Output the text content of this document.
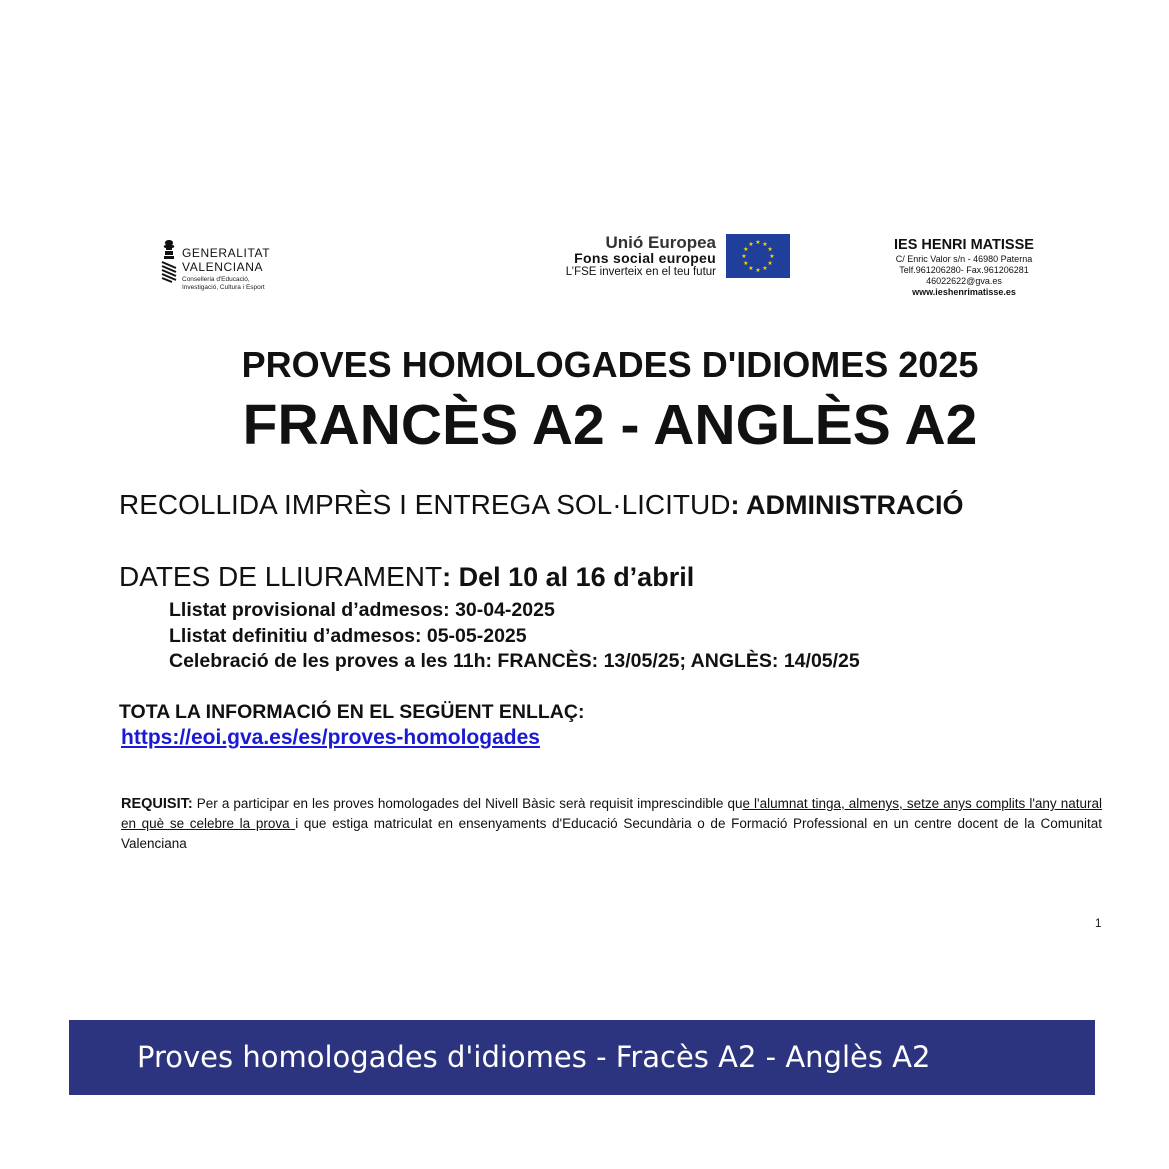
GENERALITAT
VALENCIANA
Conselleria d'Educació,
Investigació, Cultura i Esport
Unió Europea
Fons social europeu
L’FSE inverteix en el teu futur
★ ★
★
★
★
★
★
★
★
★
★
★	IES HENRI MATISSE
C/ Enric Valor s/n - 46980 Paterna
Telf.961206280- Fax.961206281
46022622@gva.es
www.ieshenrimatisse.es
PROVES HOMOLOGADES D'IDIOMES 2025
FRANCÈS A2 - ANGLÈS A2
RECOLLIDA IMPRÈS I ENTREGA SOL·LICITUD: ADMINISTRACIÓ
DATES DE LLIURAMENT: Del 10 al 16 d’abril
Llistat provisional d’admesos: 30-04-2025
Llistat definitiu d’admesos: 05-05-2025
Celebració de les proves a les 11h: FRANCÈS: 13/05/25; ANGLÈS: 14/05/25
TOTA LA INFORMACIÓ EN EL SEGÜENT ENLLAÇ:
https://eoi.gva.es/es/proves-homologades
REQUISIT: Per a participar en les proves homologades del Nivell Bàsic serà requisit imprescindible que l'alumnat tinga, almenys, setze anys complits l'any natural en què se celebre la prova i que estiga matriculat en ensenyaments d'Educació Secundària o de Formació Professional en un centre docent de la Comunitat Valenciana
1
Proves homologades d'idiomes - Fracès A2 - Anglès A2
